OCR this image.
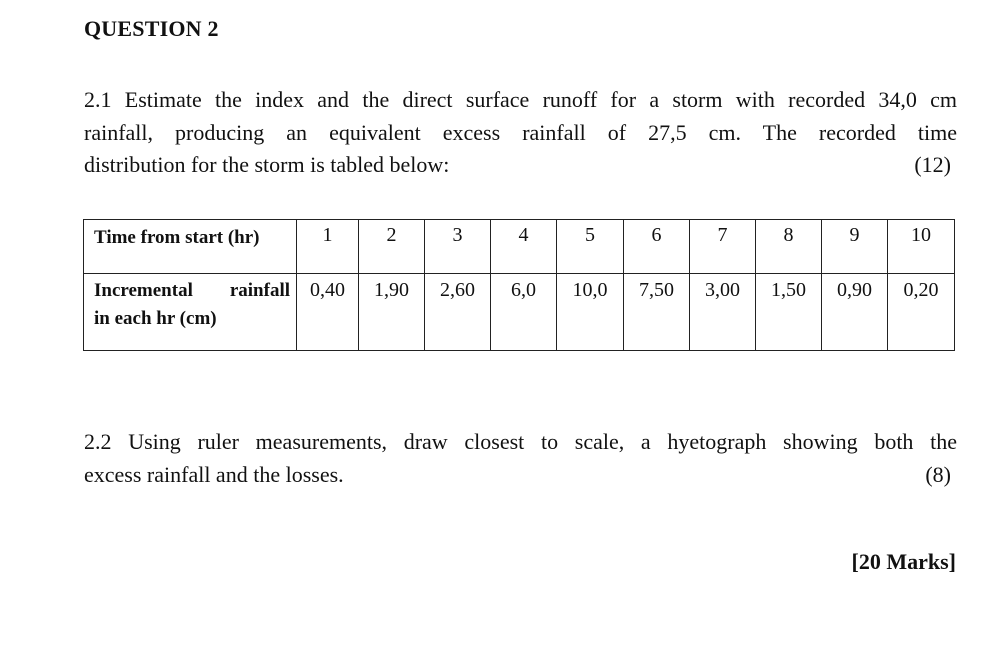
QUESTION 2
2.1 Estimate the index and the direct surface runoff for a storm with recorded 34,0 cm
rainfall, producing an equivalent excess rainfall of 27,5 cm. The recorded time
distribution for the storm is tabled below:	(12)
Time from start (hr)	1	2	3	4	5	6	7	8	9	10

Incremental rainfall
in each hr (cm)	0,40	1,90	2,60	6,0	10,0	7,50	3,00	1,50	0,90	0,20
2.2 Using ruler measurements, draw closest to scale, a hyetograph showing both the
excess rainfall and the losses.	(8)
[20 Marks]
